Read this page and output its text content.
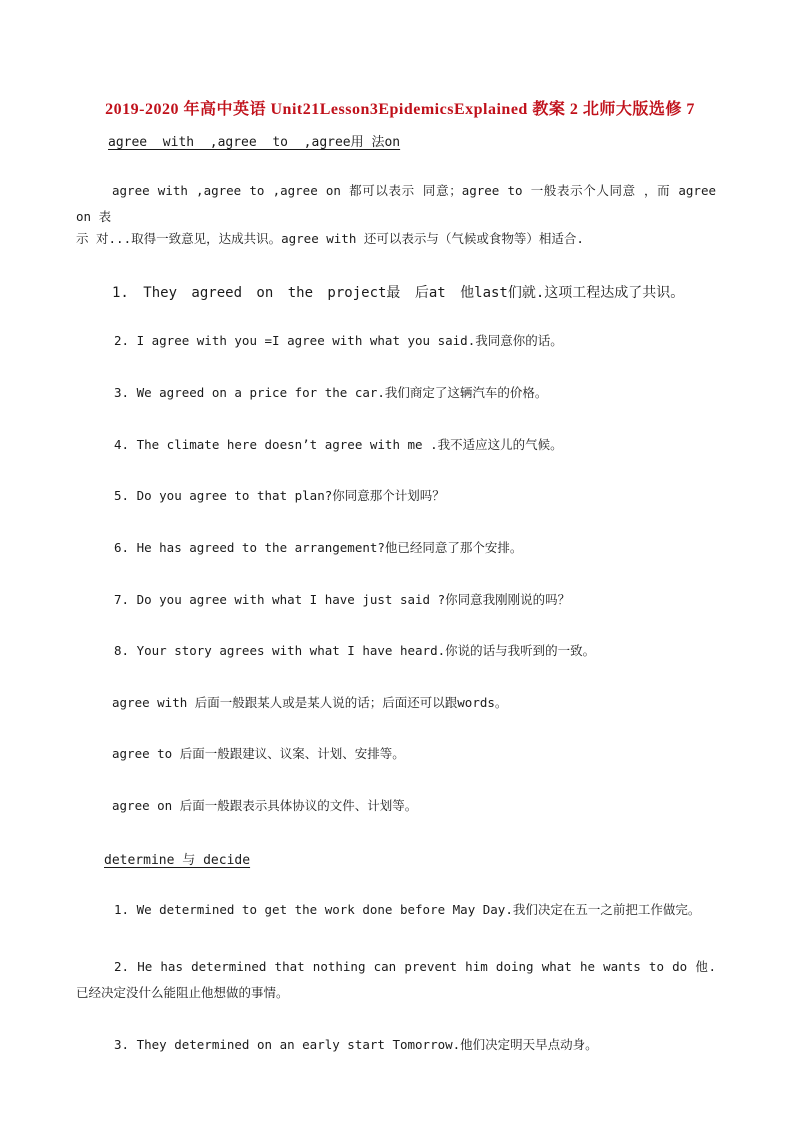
2019-2020 年高中英语 Unit21Lesson3EpidemicsExplained 教案 2 北师大版选修 7
agree  with  ,agree  to  ,agree用 法on
agree with ,agree to ,agree on 都可以表示 同意；agree to 一般表示个人同意 ，而 agree on 表
示 对...取得一致意见，达成共识。agree with 还可以表示与（气候或食物等）相适合.
1. They agreed on the project最 后at 他last们就.这项工程达成了共识。
2. I agree with you =I agree with what you said.我同意你的话。
3. We agreed on a price for the car.我们商定了这辆汽车的价格。
4. The climate here doesn’t agree with me .我不适应这儿的气候。
5. Do you agree to that plan?你同意那个计划吗？
6. He has agreed to the arrangement?他已经同意了那个安排。
7. Do you agree with what I have just said ?你同意我刚刚说的吗？
8. Your story agrees with what I have heard.你说的话与我听到的一致。
agree with 后面一般跟某人或是某人说的话；后面还可以跟words。
agree to 后面一般跟建议、议案、计划、安排等。
agree on 后面一般跟表示具体协议的文件、计划等。
determine 与 decide
1. We determined to get the work done before May Day.我们决定在五一之前把工作做完。
2. He has determined that nothing can prevent him doing what he wants to do 他.已经决定没什么能阻止他想做的事情。
3. They determined on an early start Tomorrow.他们决定明天早点动身。
